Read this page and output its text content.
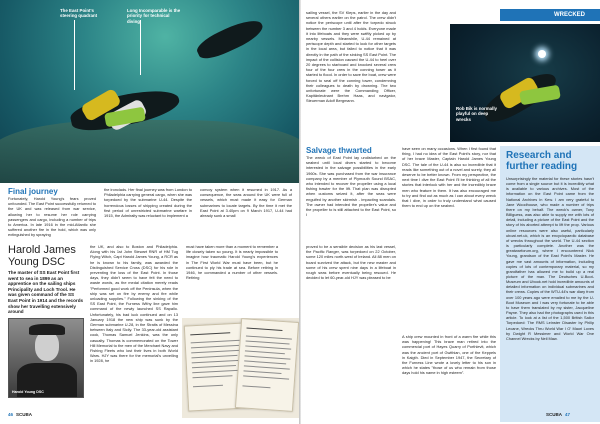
The East Point's steering quadrant
Long Incomparable is the priority for technical diving
Final journey
Fortunately, Harold Young's fears proved unfounded. The East Point successfully returned to the UK and was released from war service, allowing her to resume her role carrying passengers and cargo, including a number of trips to America. In late 1916 in the mid-Atlantic she suffered another fire in the hold, which was only extinguished by spraying
the ironclads. Her final journey was from London to Philadelphia carrying general cargo, when she was torpedoed by the submarine U-44. Despite the horrendous losses of shipping created during the first period of unrestricted submarine warfare in 1915, the Admiralty was reluctant to implement a
convoy system when it resumed in 1917. As a consequence, the seas around the UK were full of vessels, which must made it easy for German submarines to locate targets. By the time it met the East Point at 3.40pm on 9 March 1917, U-44 had already sunk a small
Harold James Young DSC
The master of SS East Point first went to sea in 1899 as an apprentice on the sailing ships Principality and Loch Trool. He was given command of the SS East Point in 1914 and the records show her travelling extensively around
Harold Young DSC
the UK, and also to Boston and Philadelphia. Along with his 1st John Stewart RNR of HM Tug Flying Witch, Capt Harold James Young, a RCR as he is known to his family, was awarded the Distinguished Service Cross (DSC) for his role in preventing the loss of the East Point. In those days, they didn't seem to have felt the need to waste words, as the medal citation merely reads "Performed good work off the Peninsula, when the ship was set on fire by enemy and fire while unloading supplies." Following the sinking of the SS East Point, the Furness Withy line gave him command of the newly launched SS Rapallo. Unfortunately, his bad luck continued and on 13 January 1918 the new ship was sunk by the German submarine U-28, in the Straits of Messina between Italy and Sicily. The 33-year-old assistant cook, Thomas Samuel Jenkins, was the only casualty. Thomas is commemorated on the Tower Hill Memorial to the men of the Merchant Navy and Fishing Fleets who lost their lives in both World Wars. HJY was there for the memorial's unveiling in 1928, he
must have taken more than a moment to remember a life closely taken so young. It is nearly impossible to imagine how traumatic Harold Young's experiences in The First World War must have been, but he continued to ply his trade at sea. Before retiring in 1946, he commanded a number of other vessels. Retiring
46 SCUBA
sailing vessel, the SV Kleps, earlier in the day and several others earlier on the patrol. The crew didn't notice the periscope until after the torpedo struck between the number 3 and 4 holds. Everyone made it into lifeboats and they were swiftly picked up by nearby vessels. Meanwhile, U-44 remained at periscope depth and started to look for other targets in the local area, but failed to notice that it was directly in the path of the sinking SS East Point. The impact of the collision caused the U-44 to heel over 20 degrees to starboard and knocked several crew four of the four crew in the conning tower as it started to flood. In order to save the boat, crew were forced to seal off the conning tower, condemning their colleagues to death by drowning. The two unfortunate were the Commanding Officer, Kapitänleutnant Brehm Haas, and navigator, Steuerman Adolf Bergmann.
Salvage thwarted
The wreck of East Point lay undisturbed on the seabed until local divers started to become interested in the salvage possibilities in the early 1960s. She was purchased from the war insurance company by a member of Plymouth Sound BSAC, who intended to recover the propeller using a local fishing trawler for the lift. That plan was disrupted when customs seized it, after the seas were engulfed by another skirmish - impacting scandals. The owner had intended the propeller's value and the propeller to is still attached to the East Point, so I
have seen on many occasions. When I first found that thing, I had no idea of the East Point's story, nor that of her brave Master, Captain Harold James Young DSC. The tale of the U-44 is also so incredible that it reads like something out of a novel and surely, they all deserve to be better known. From my perspective, the next time I dive the East Point I'll be thinking of all the stories that interlock with her and the incredibly brave men who feature in them. It has also encouraged me to try and find out as much as I can about every wreck that I dive, in order to truly understand what caused them to end up on the seabed.
proved to be a sensible decision as his last vessel, the Pacific Ranger, was torpedoed on 22 October, some 120 miles north-west of Ireland. All 88 men on board survived the attack, but the new master and some of his crew spent nine days in a lifeboat in rough seas before eventually being rescued. He decided to let 60-year-old HJY was pleased to be
A ship crew mounted in front of a warm fire while this was happening! This brave man retired into the commercial port of Hayes Quarry of Porthlevit, which was the ancient port of Gwithian, one of the Keppels in Kaigth. Died in September 1947, the Secretary of the Furness Line wrote a lovely letter to his son in which he states "those of us who remain from those days hold his name in high esteem".
Rob Bik is normally playful on deep wrecks
WRECKED
Research and further reading
Unsurprisingly the material for these stories hasn't come from a single source but it is incredibly what is available to various archives. Most of the information on the East Point came from the National Archives in Kew. I am very grateful to Jane Woodhouse, who made a number of trips there on my behalf. The wreck's owner, Tony Billiguess, was also able to supply me with lots of detail, including a picture of the East Point and the story of his aborted attempt to lift the prop. Various online resources were also useful, particularly uboat.net.uk, which is an encyclopaedic database of wrecks throughout the world. The U-44 section is particularly complete. Another was the greatwarforum.org, where I encountered Nick Young, grandson of the East Point's Master. He gave me vast amounts of information, including copies of lots of contemporary material, so my grandfather has allowed me to build up a real picture of the man. The Deutsches U-Boot-Museum and Ubook.net hold incredible amounts of detailed information on individual submarines and their crews. Copies of the WTU-44's war diary from over 100 years ago were emailed to me by the U-Boot Museum and I was very fortunate to be able to have them translated by my sister, Jacqueline Payne. They also had the photographs used in this article. To look at a list of the 1,500 British Sailor Torpedoed: The RMS Leinster Disaster by Philip Lecane, Wrecks Thru World War I O' Maori Loves by Dwight R Messimer and World War One Channel Wrecks by Neil Maw.
SCUBA 47
